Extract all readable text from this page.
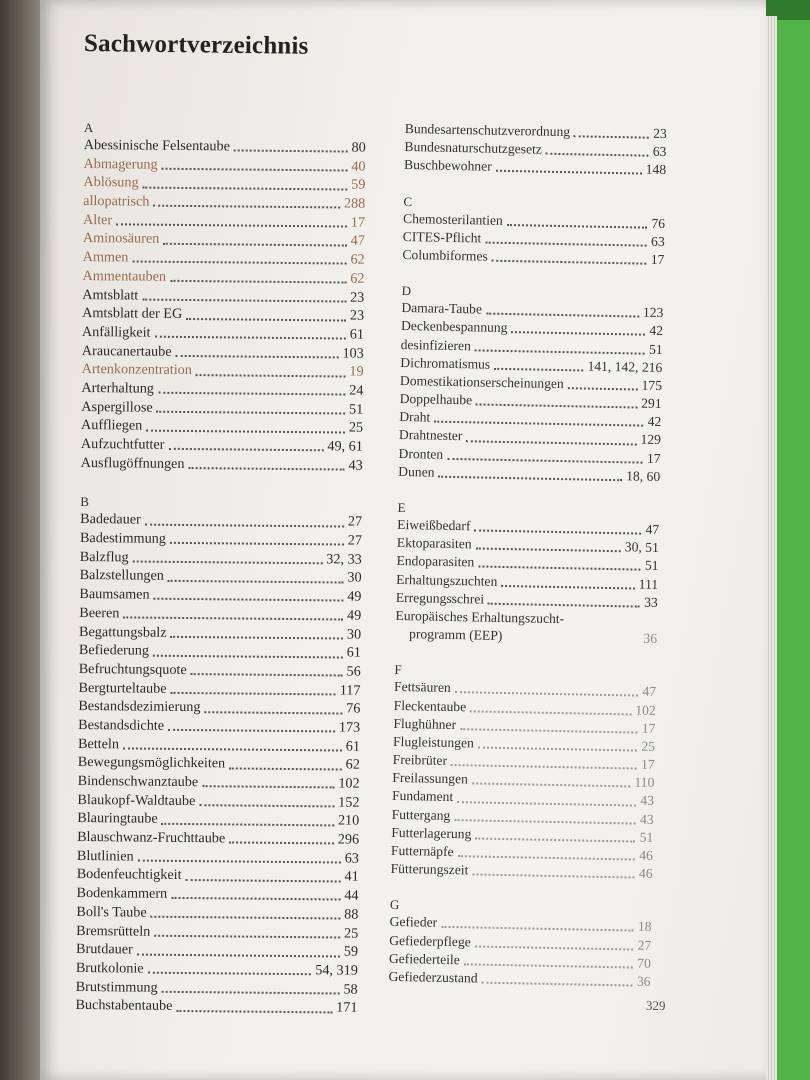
Sachwortverzeichnis
A
Abessinische Felsentaube	80
Abmagerung	40
Ablösung	59
allopatrisch	288
Alter	17
Aminosäuren	47
Ammen	62
Ammentauben	62
Amtsblatt	23
Amtsblatt der EG	23
Anfälligkeit	61
Araucanertaube	103
Artenkonzentration	19
Arterhaltung	24
Aspergillose	51
Auffliegen	25
Aufzuchtfutter	49, 61
Ausflugöffnungen	43
B
Badedauer	27
Badestimmung	27
Balzflug	32, 33
Balzstellungen	30
Baumsamen	49
Beeren	49
Begattungsbalz	30
Befiederung	61
Befruchtungsquote	56
Bergturteltaube	117
Bestandsdezimierung	76
Bestandsdichte	173
Betteln	61
Bewegungsmöglichkeiten	62
Bindenschwanztaube	102
Blaukopf-Waldtaube	152
Blauringtaube	210
Blauschwanz-Fruchttaube	296
Blutlinien	63
Bodenfeuchtigkeit	41
Bodenkammern	44
Boll's Taube	88
Bremsrütteln	25
Brutdauer	59
Brutkolonie	54, 319
Brutstimmung	58
Buchstabentaube	171
Bundesartenschutzverordnung	23
Bundesnaturschutzgesetz	63
Buschbewohner	148
C
Chemosterilantien	76
CITES-Pflicht	63
Columbiformes	17
D
Damara-Taube	123
Deckenbespannung	42
desinfizieren	51
Dichromatismus	141, 142, 216
Domestikationserscheinungen	175
Doppelhaube	291
Draht	42
Drahtnester	129
Dronten	17
Dunen	18, 60
E
Eiweißbedarf	47
Ektoparasiten	30, 51
Endoparasiten	51
Erhaltungszuchten	111
Erregungsschrei	33
Europäisches Erhaltungszucht-
programm (EEP)	36
F
Fettsäuren	47
Fleckentaube	102
Flughühner	17
Flugleistungen	25
Freibrüter	17
Freilassungen	110
Fundament	43
Futtergang	43
Futterlagerung	51
Futternäpfe	46
Fütterungszeit	46
G
Gefieder	18
Gefiederpflege	27
Gefiederteile	70
Gefiederzustand	36
329
